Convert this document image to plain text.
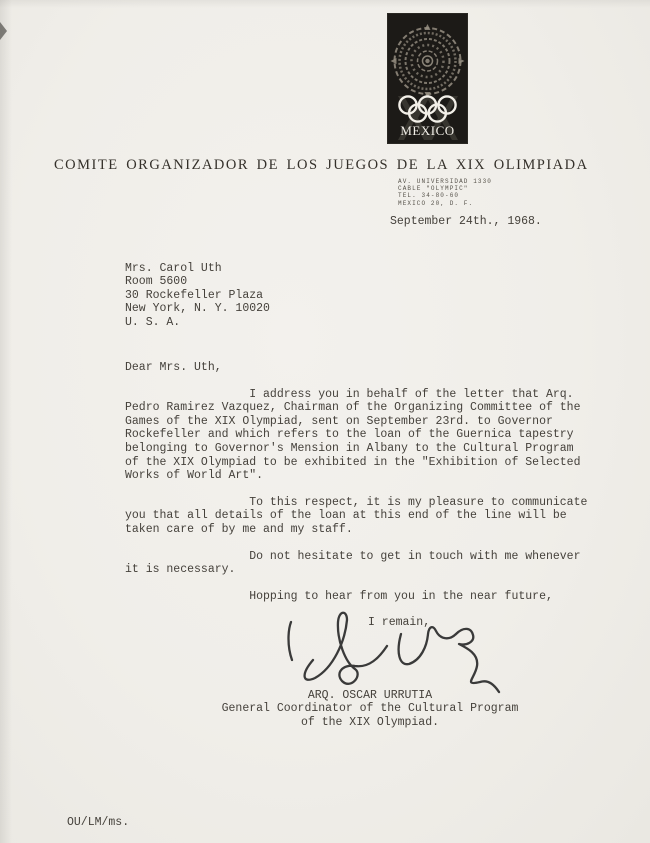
MEXICO
COMITE ORGANIZADOR DE LOS JUEGOS DE LA XIX OLIMPIADA
AV. UNIVERSIDAD 1330
CABLE "OLYMPIC"
TEL. 34-80-60
MEXICO 20, D. F.
September 24th., 1968.
Mrs. Carol Uth
Room 5600
30 Rockefeller Plaza
New York, N. Y. 10020
U. S. A.
Dear Mrs. Uth,
I address you in behalf of the letter that Arq.
Pedro Ramirez Vazquez, Chairman of the Organizing Committee of the
Games of the XIX Olympiad, sent on September 23rd. to Governor
Rockefeller and which refers to the loan of the Guernica tapestry
belonging to Governor's Mension in Albany to the Cultural Program
of the XIX Olympiad to be exhibited in the "Exhibition of Selected
Works of World Art".
To this respect, it is my pleasure to communicate
you that all details of the loan at this end of the line will be
taken care of by me and my staff.
Do not hesitate to get in touch with me whenever
it is necessary.
Hopping to hear from you in the near future,
I remain,
ARQ. OSCAR URRUTIA
General Coordinator of the Cultural Program
of the XIX Olympiad.
OU/LM/ms.
